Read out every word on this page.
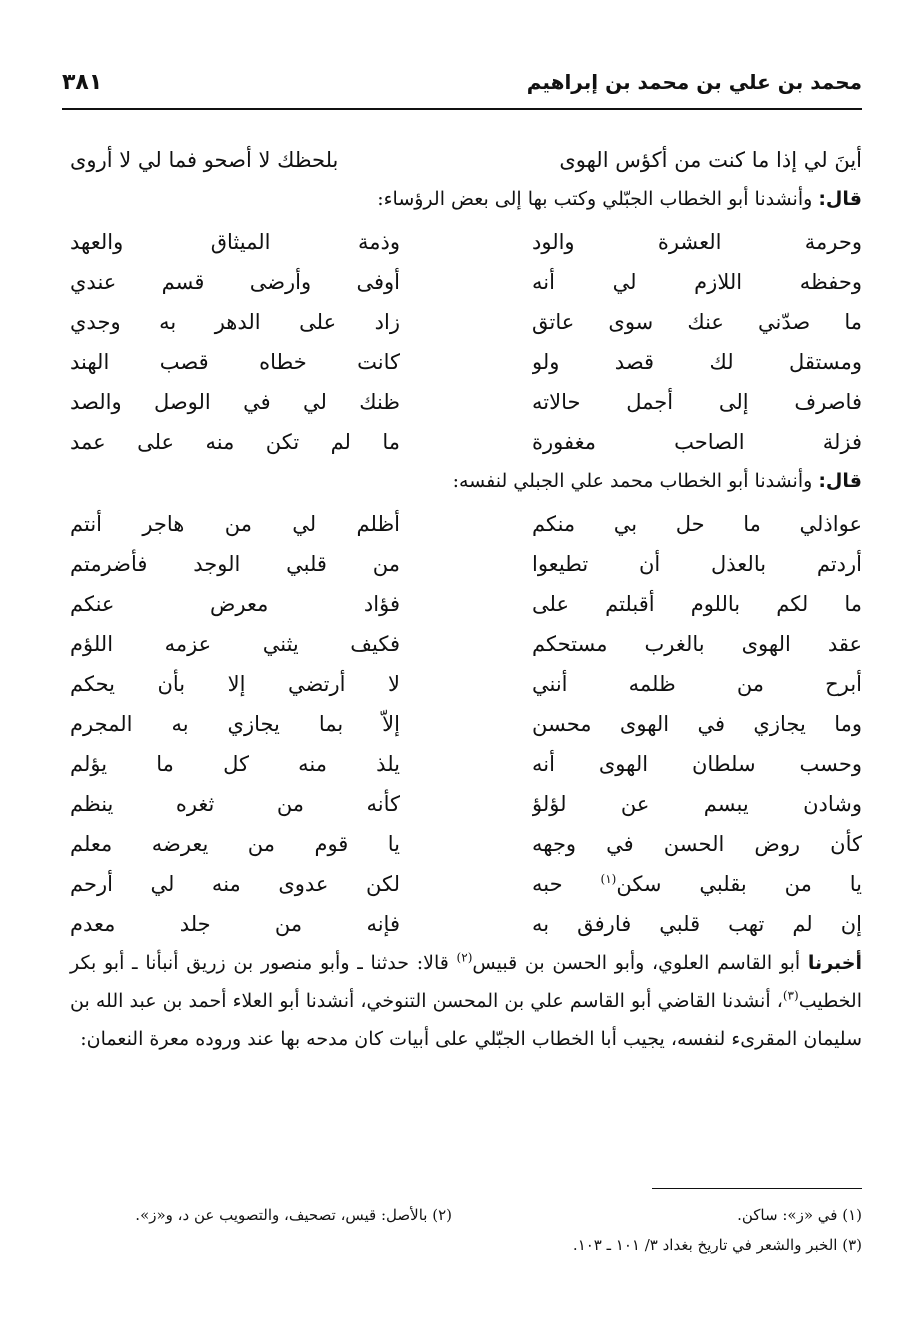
محمد بن علي بن محمد بن إبراهيم
٣٨١
أينَ لي إذا ما كنت من أكؤس الهوى
بلحظك لا أصحو فما لي لا أروى
قال: وأنشدنا أبو الخطاب الجبّلي وكتب بها إلى بعض الرؤساء:
وحرمة العشرة والود
وذمة الميثاق والعهد
وحفظه اللازم لي أنه
أوفى وأرضى قسم عندي
ما صدّني عنك سوى عاتق
زاد على الدهر به وجدي
ومستقل لك قصد ولو
كانت خطاه قصب الهند
فاصرف إلى أجمل حالاته
ظنك لي في الوصل والصد
فزلة الصاحب مغفورة
ما لم تكن منه على عمد
قال: وأنشدنا أبو الخطاب محمد علي الجبلي لنفسه:
عواذلي ما حل بي منكم
أظلم لي من هاجر أنتم
أردتم بالعذل أن تطيعوا
من قلبي الوجد فأضرمتم
ما لكم باللوم أقبلتم على
فؤاد معرض عنكم
عقد الهوى بالغرب مستحكم
فكيف يثني عزمه اللؤم
أبرح من ظلمه أنني
لا أرتضي إلا بأن يحكم
وما يجازي في الهوى محسن
إلاّ بما يجازي به المجرم
وحسب سلطان الهوى أنه
يلذ منه كل ما يؤلم
وشادن يبسم عن لؤلؤ
كأنه من ثغره ينظم
كأن روض الحسن في وجهه
يا قوم من يعرضه معلم
يا من بقلبي سكن$^{(١)}$ حبه
لكن عدوى منه لي أرحم
إن لم تهب قلبي فارفق به
فإنه من جلد معدم
أخبرنا أبو القاسم العلوي، وأبو الحسن بن قبيس$^{(٢)}$ قالا: حدثنا ـ وأبو منصور بن زريق أنبأنا ـ أبو بكر الخطيب$^{(٣)}$، أنشدنا القاضي أبو القاسم علي بن المحسن التنوخي، أنشدنا أبو العلاء أحمد بن عبد الله بن سليمان المقرىء لنفسه، يجيب أبا الخطاب الجبّلي على أبيات كان مدحه بها عند وروده معرة النعمان:
(١) في «ز»: ساكن.
(٢) بالأصل: قيس، تصحيف، والتصويب عن د، و«ز».
(٣) الخبر والشعر في تاريخ بغداد ٣/ ١٠١ ـ ١٠٣.
